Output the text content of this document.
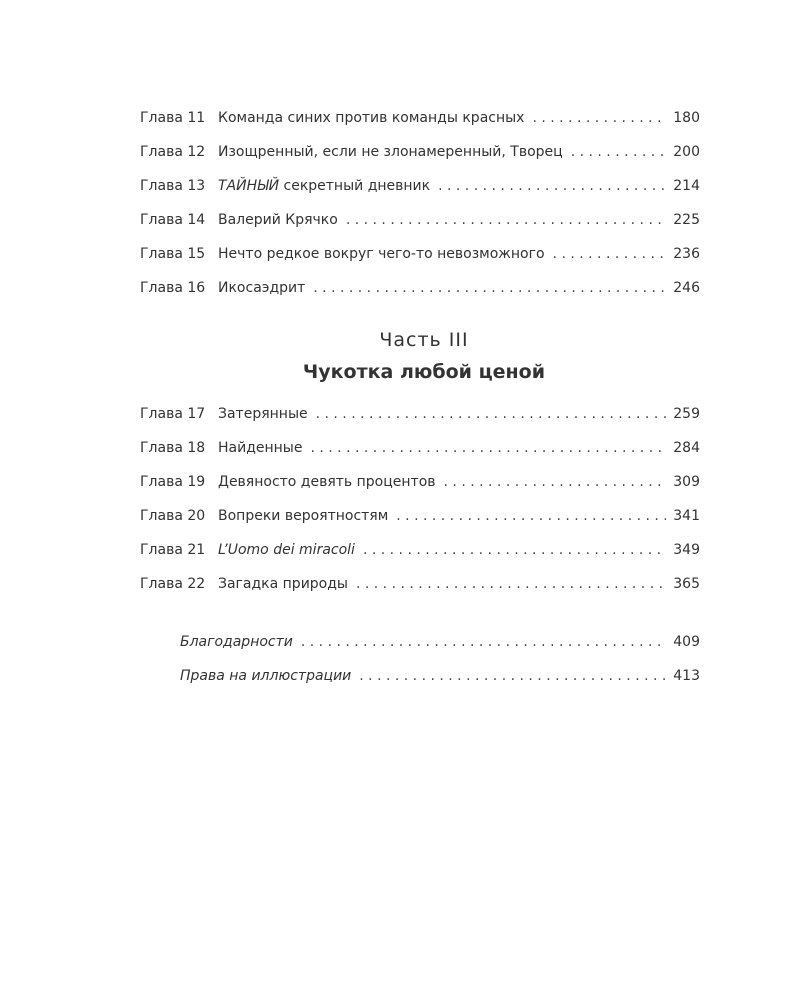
Глава 11 Команда синих против команды красных . . .	180
Глава 12 Изощренный, если не злонамеренный, Творец . . .	200
Глава 13 ТАЙНЫЙ секретный дневник . . .	214
Глава 14 Валерий Крячко . . .	225
Глава 15 Нечто редкое вокруг чего-то невозможного . . .	236
Глава 16 Икосаэдрит . . .	246
Часть III
Чукотка любой ценой
Глава 17 Затерянные . . .	259
Глава 18 Найденные . . .	284
Глава 19 Девяносто девять процентов . . .	309
Глава 20 Вопреки вероятностям . . .	341
Глава 21 L’Uomo dei miracoli . . .	349
Глава 22 Загадка природы . . .	365
Благодарности . . .	409
Права на иллюстрации . . .	413
